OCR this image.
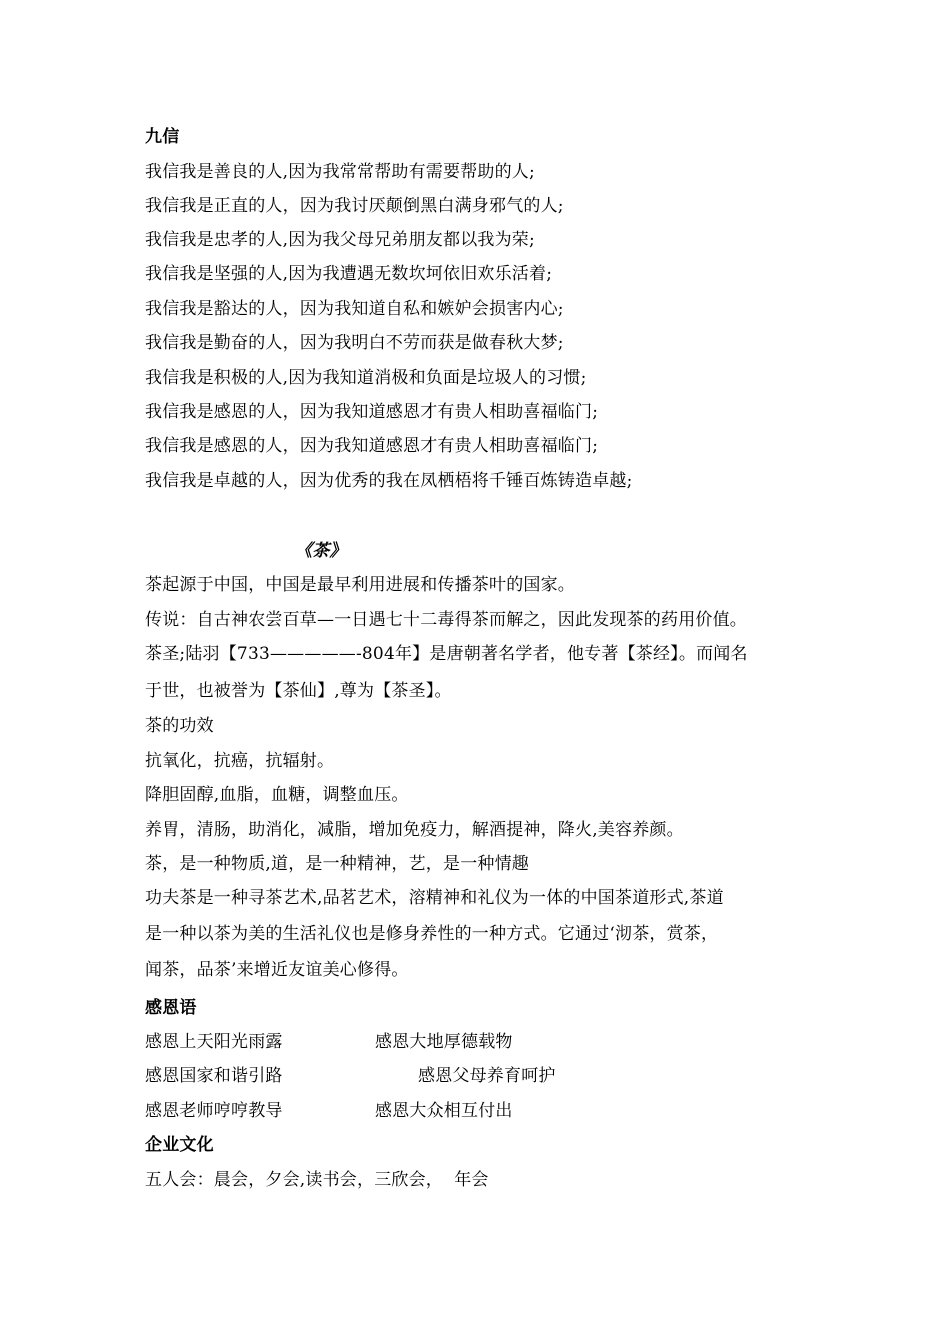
九信
我信我是善良的人,因为我常常帮助有需要帮助的人;
我信我是正直的人，因为我讨厌颠倒黑白满身邪气的人;
我信我是忠孝的人,因为我父母兄弟朋友都以我为荣;
我信我是坚强的人,因为我遭遇无数坎坷依旧欢乐活着;
我信我是豁达的人，因为我知道自私和嫉妒会损害内心;
我信我是勤奋的人，因为我明白不劳而获是做春秋大梦;
我信我是积极的人,因为我知道消极和负面是垃圾人的习惯;
我信我是感恩的人，因为我知道感恩才有贵人相助喜福临门;
我信我是感恩的人，因为我知道感恩才有贵人相助喜福临门;
我信我是卓越的人，因为优秀的我在凤栖梧将千锤百炼铸造卓越;
《茶》
茶起源于中国，中国是最早利用进展和传播茶叶的国家。
传说：自古神农尝百草—一日遇七十二毒得茶而解之，因此发现茶的药用价值。
茶圣;陆羽【733—————-804年】是唐朝著名学者，他专著【茶经】。而闻名
于世，也被誉为【茶仙】,尊为【茶圣】。
茶的功效
抗氧化，抗癌，抗辐射。
降胆固醇,血脂，血糖，调整血压。
养胃，清肠，助消化，减脂，增加免疫力，解酒提神，降火,美容养颜。
茶，是一种物质,道，是一种精神，艺，是一种情趣
功夫茶是一种寻茶艺术,品茗艺术，溶精神和礼仪为一体的中国茶道形式,茶道
是一种以茶为美的生活礼仪也是修身养性的一种方式。它通过‘沏茶，赏茶，
闻茶，品茶’来增近友谊美心修得。
感恩语
感恩上天阳光雨露	感恩大地厚德载物
感恩国家和谐引路	感恩父母养育呵护
感恩老师哼哼教导	感恩大众相互付出
企业文化
五人会：晨会，夕会,读书会，三欣会，  年会
